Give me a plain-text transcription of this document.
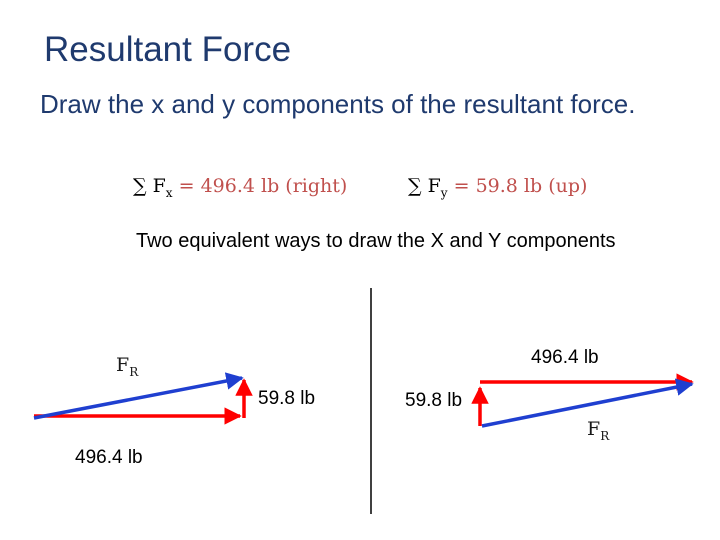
Resultant Force
Draw the x and y components of the resultant force.
∑ $F_x = 496.4$ lb (right)	∑ $F_y = 59.8$ lb (up)
Two equivalent ways to draw the X and Y components
$F_R$
59.8 lb
496.4 lb
496.4 lb
59.8 lb
$F_R$
